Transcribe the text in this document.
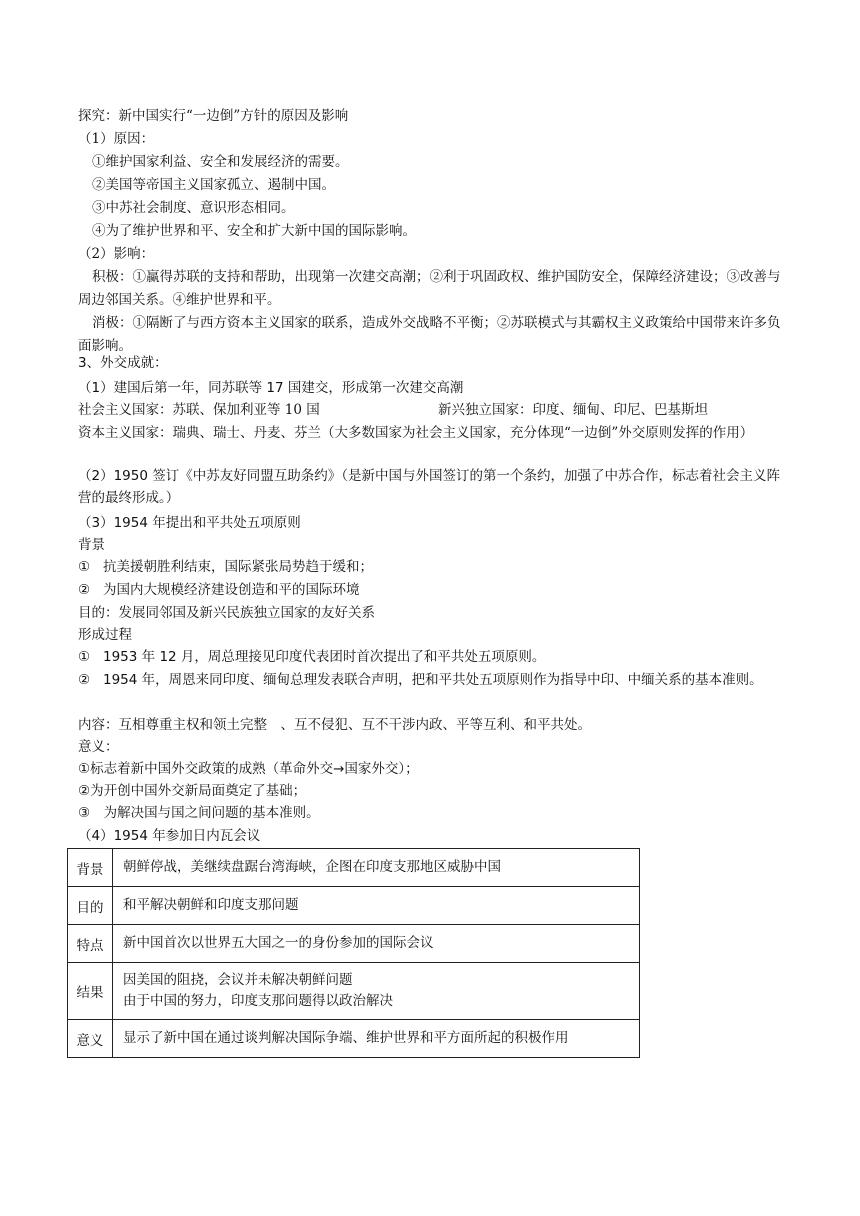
探究：新中国实行“一边倒”方针的原因及影响
（1）原因：
①维护国家利益、安全和发展经济的需要。
②美国等帝国主义国家孤立、遏制中国。
③中苏社会制度、意识形态相同。
④为了维护世界和平、安全和扩大新中国的国际影响。
（2）影响：
积极：①赢得苏联的支持和帮助，出现第一次建交高潮；②利于巩固政权、维护国防安全，保障经济建设；③改善与周边邻国关系。④维护世界和平。
消极：①隔断了与西方资本主义国家的联系，造成外交战略不平衡；②苏联模式与其霸权主义政策给中国带来许多负面影响。
3、外交成就：
（1）建国后第一年，同苏联等 17 国建交，形成第一次建交高潮
社会主义国家：苏联、保加利亚等 10 国	新兴独立国家：印度、缅甸、印尼、巴基斯坦
资本主义国家：瑞典、瑞士、丹麦、芬兰（大多数国家为社会主义国家，充分体现“一边倒”外交原则发挥的作用）
（2）1950 签订《中苏友好同盟互助条约》（是新中国与外国签订的第一个条约，加强了中苏合作，标志着社会主义阵营的最终形成。）
（3）1954 年提出和平共处五项原则
背景
① 抗美援朝胜利结束，国际紧张局势趋于缓和；
② 为国内大规模经济建设创造和平的国际环境
目的：发展同邻国及新兴民族独立国家的友好关系
形成过程
① 1953 年 12 月，周总理接见印度代表团时首次提出了和平共处五项原则。
② 1954 年，周恩来同印度、缅甸总理发表联合声明，把和平共处五项原则作为指导中印、中缅关系的基本准则。
内容：互相尊重主权和领土完整　、互不侵犯、互不干涉内政、平等互利、和平共处。
意义：
①标志着新中国外交政策的成熟（革命外交→国家外交）；
②为开创中国外交新局面奠定了基础；
③　为解决国与国之间问题的基本准则。
（4）1954 年参加日内瓦会议
背景	朝鲜停战，美继续盘踞台湾海峡，企图在印度支那地区威胁中国

目的	和平解决朝鲜和印度支那问题

特点	新中国首次以世界五大国之一的身份参加的国际会议

结果	因美国的阻挠，会议并未解决朝鲜问题
由于中国的努力，印度支那问题得以政治解决

意义	显示了新中国在通过谈判解决国际争端、维护世界和平方面所起的积极作用
